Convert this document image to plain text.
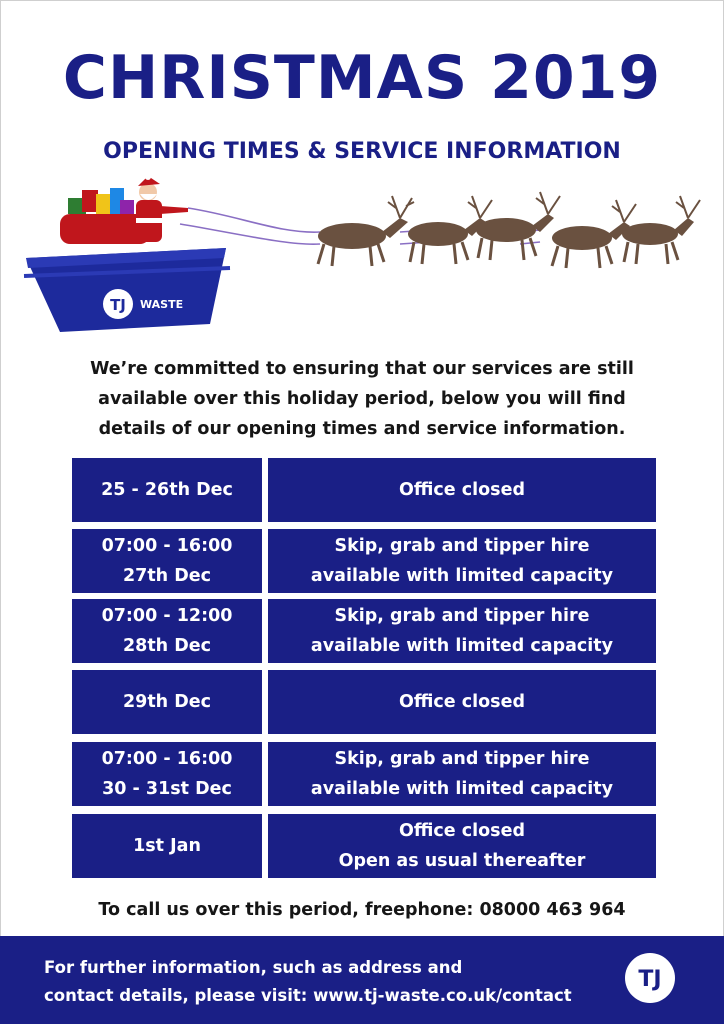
CHRISTMAS 2019
OPENING TIMES & SERVICE INFORMATION
TJ WASTE
We’re committed to ensuring that our services are still
available over this holiday period, below you will find
details of our opening times and service information.
25 - 26th Dec	Office closed
07:00 - 16:00
27th Dec
Skip, grab and tipper hire
available with limited capacity
07:00 - 12:00
28th Dec
Skip, grab and tipper hire
available with limited capacity
29th Dec	Office closed
07:00 - 16:00
30 - 31st Dec
Skip, grab and tipper hire
available with limited capacity
1st Jan
Office closed
Open as usual thereafter
To call us over this period, freephone: 08000 463 964
For further information, such as address and
contact details, please visit: www.tj-waste.co.uk/contact
TJ
